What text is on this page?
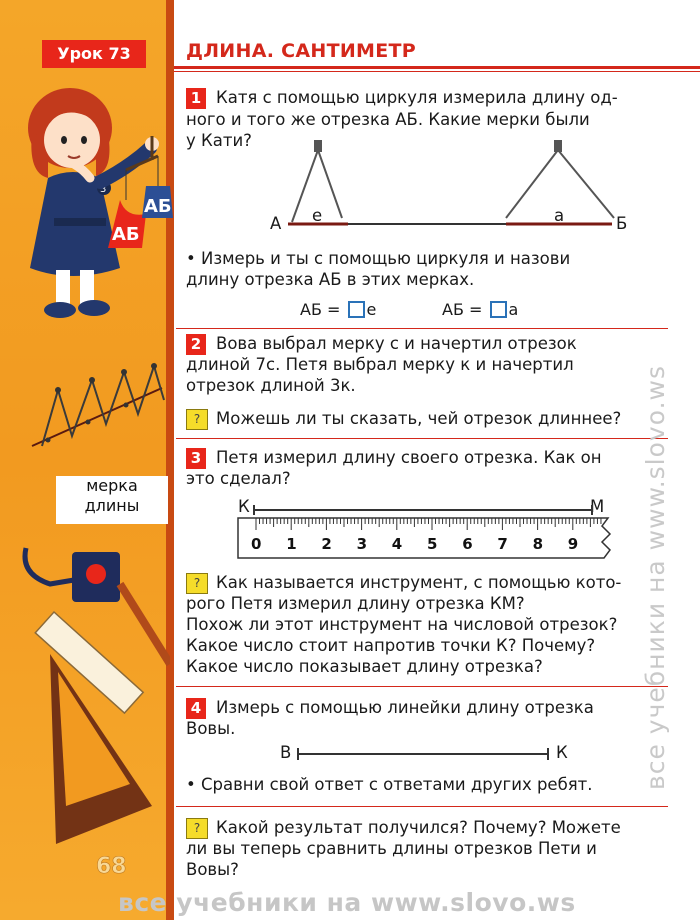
Урок 73
3
АБ
АБ
мерка
длины
68
ДЛИНА. САНТИМЕТР
1 Катя с помощью циркуля измерила длину од-
ного и того же отрезка АБ. Какие мерки были
у Кати?
А е	а	Б
• Измерь и ты с помощью циркуля и назови
длину отрезка АБ в этих мерках.
АБ = е	АБ = а
2 Вова выбрал мерку с и начертил отрезок
длиной 7с. Петя выбрал мерку к и начертил
отрезок длиной 3к.
? Можешь ли ты сказать, чей отрезок длиннее?
3 Петя измерил длину своего отрезка. Как он
это сделал?
К	М
0 1 2 3 4 5 6 7 8 9
? Как называется инструмент, с помощью кото-
рого Петя измерил длину отрезка КМ?
Похож ли этот инструмент на числовой отрезок?
Какое число стоит напротив точки К? Почему?
Какое число показывает длину отрезка?
4 Измерь с помощью линейки длину отрезка
Вовы.
В	К
• Сравни свой ответ с ответами других ребят.
? Какой результат получился? Почему? Можете
ли вы теперь сравнить длины отрезков Пети и
Вовы?
все учебники на www.slovo.ws
все учебники на www.slovo.ws
